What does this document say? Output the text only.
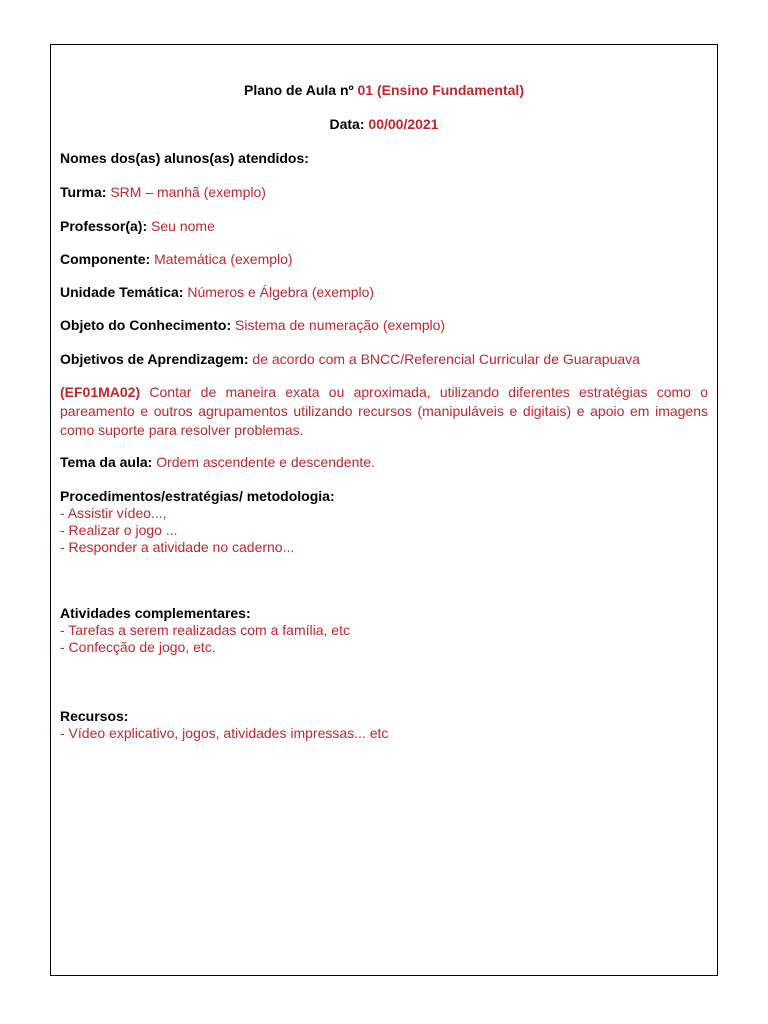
Plano de Aula nº 01 (Ensino Fundamental)
Data: 00/00/2021
Nomes dos(as) alunos(as) atendidos:
Turma: SRM – manhã (exemplo)
Professor(a): Seu nome
Componente: Matemática (exemplo)
Unidade Temática: Números e Álgebra (exemplo)
Objeto do Conhecimento: Sistema de numeração (exemplo)
Objetivos de Aprendizagem: de acordo com a BNCC/Referencial Curricular de Guarapuava
(EF01MA02) Contar de maneira exata ou aproximada, utilizando diferentes estratégias como o pareamento e outros agrupamentos utilizando recursos (manipuláveis e digitais) e apoio em imagens como suporte para resolver problemas.
Tema da aula: Ordem ascendente e descendente.
Procedimentos/estratégias/ metodologia:
- Assistir vídeo...,
- Realizar o jogo ...
- Responder a atividade no caderno...
Atividades complementares:
- Tarefas a serem realizadas com a família, etc
- Confecção de jogo, etc.
Recursos:
- Vídeo explicativo, jogos, atividades impressas... etc
